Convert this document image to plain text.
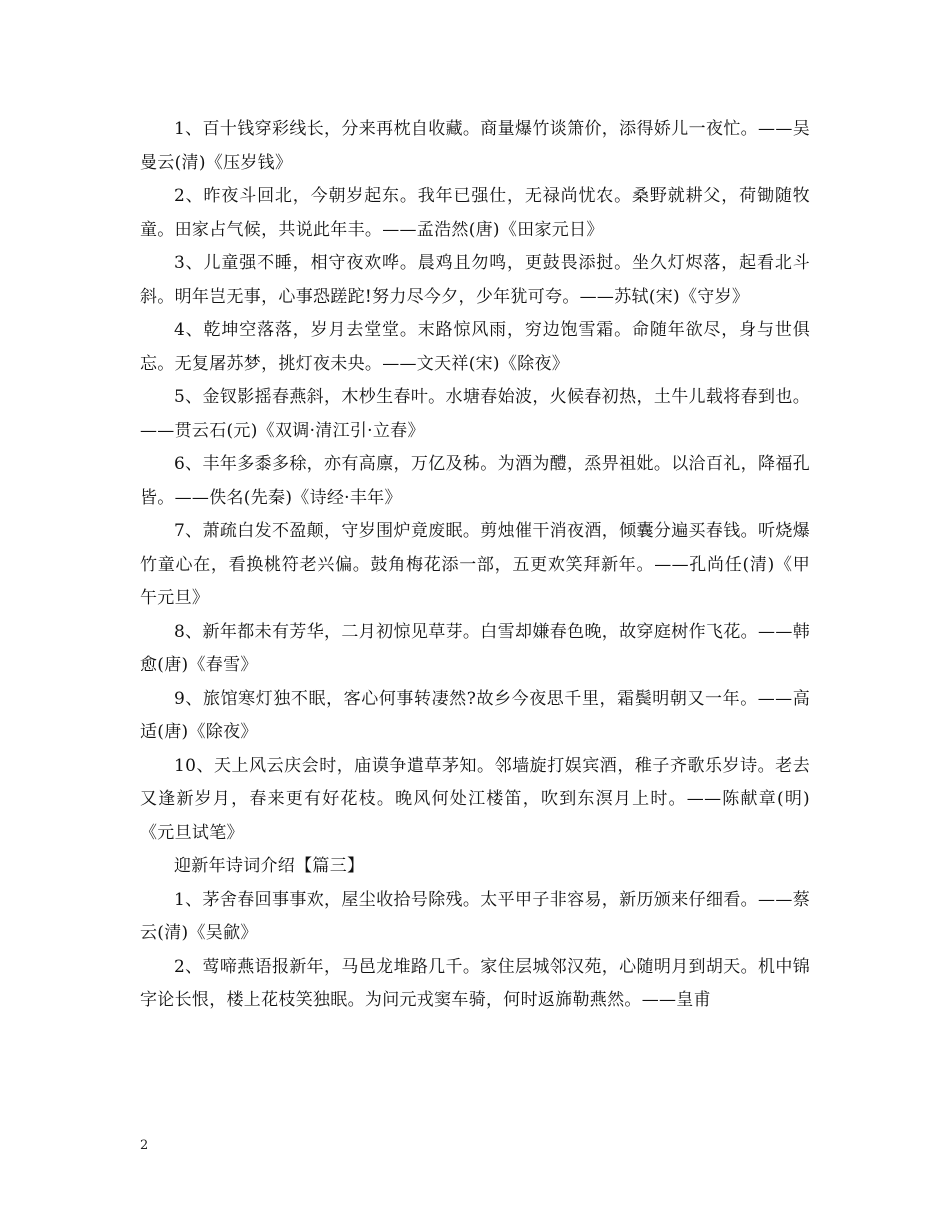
1、百十钱穿彩线长，分来再枕自收藏。商量爆竹谈箫价，添得娇儿一夜忙。——吴曼云(清)《压岁钱》

2、昨夜斗回北，今朝岁起东。我年已强仕，无禄尚忧农。桑野就耕父，荷锄随牧童。田家占气候，共说此年丰。——孟浩然(唐)《田家元日》

3、儿童强不睡，相守夜欢哗。晨鸡且勿鸣，更鼓畏添挝。坐久灯烬落，起看北斗斜。明年岂无事，心事恐蹉跎!努力尽今夕，少年犹可夸。——苏轼(宋)《守岁》

4、乾坤空落落，岁月去堂堂。末路惊风雨，穷边饱雪霜。命随年欲尽，身与世俱忘。无复屠苏梦，挑灯夜未央。——文天祥(宋)《除夜》

5、金钗影摇春燕斜，木杪生春叶。水塘春始波，火候春初热，土牛儿载将春到也。——贯云石(元)《双调·清江引·立春》

6、丰年多黍多稌，亦有高廪，万亿及秭。为酒为醴，烝畀祖妣。以洽百礼，降福孔皆。——佚名(先秦)《诗经·丰年》

7、萧疏白发不盈颠，守岁围炉竟废眠。剪烛催干消夜酒，倾囊分遍买春钱。听烧爆竹童心在，看换桃符老兴偏。鼓角梅花添一部，五更欢笑拜新年。——孔尚任(清)《甲午元旦》

8、新年都未有芳华，二月初惊见草芽。白雪却嫌春色晚，故穿庭树作飞花。——韩愈(唐)《春雪》

9、旅馆寒灯独不眠，客心何事转凄然?故乡今夜思千里，霜鬓明朝又一年。——高适(唐)《除夜》

10、天上风云庆会时，庙谟争遣草茅知。邻墙旋打娱宾酒，稚子齐歌乐岁诗。老去又逢新岁月，春来更有好花枝。晚风何处江楼笛，吹到东溟月上时。——陈献章(明)《元旦试笔》

迎新年诗词介绍【篇三】

1、茅舍春回事事欢，屋尘收拾号除残。太平甲子非容易，新历颁来仔细看。——蔡云(清)《吴歈》

2、莺啼燕语报新年，马邑龙堆路几千。家住层城邻汉苑，心随明月到胡天。机中锦字论长恨，楼上花枝笑独眠。为问元戎窦车骑，何时返旆勒燕然。——皇甫

2
